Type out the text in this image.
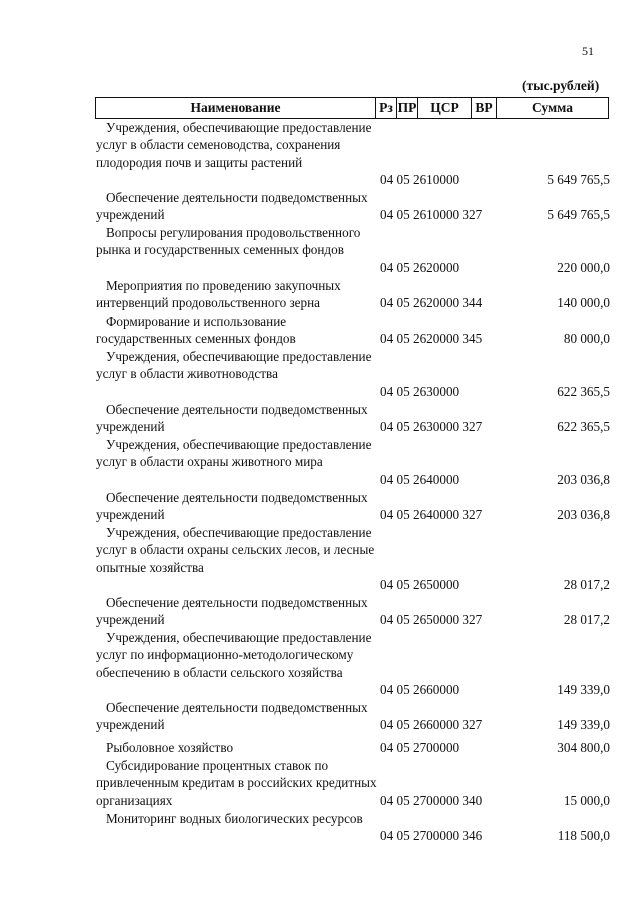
51
(тыс.рублей)
Наименование	Рз ПР	ЦСР	ВР	Сумма
Учреждения, обеспечивающие предоставление услуг в области семеноводства, сохранения плодородия почв и защиты растений
04 05 2610000	5 649 765,5
Обеспечение деятельности подведомственных учреждений	04 05 2610000 327	5 649 765,5
Вопросы регулирования продовольственного рынка и государственных семенных фондов
04 05 2620000	220 000,0
Мероприятия по проведению закупочных интервенций продовольственного зерна	04 05 2620000 344	140 000,0
Формирование и использование государственных семенных фондов	04 05 2620000 345	80 000,0
Учреждения, обеспечивающие предоставление услуг в области животноводства
04 05 2630000	622 365,5
Обеспечение деятельности подведомственных учреждений	04 05 2630000 327	622 365,5
Учреждения, обеспечивающие предоставление услуг в области охраны животного мира
04 05 2640000	203 036,8
Обеспечение деятельности подведомственных учреждений	04 05 2640000 327	203 036,8
Учреждения, обеспечивающие предоставление услуг в области охраны сельских лесов, и лесные опытные хозяйства
04 05 2650000	28 017,2
Обеспечение деятельности подведомственных учреждений	04 05 2650000 327	28 017,2
Учреждения, обеспечивающие предоставление услуг по информационно-методологическому обеспечению в области сельского хозяйства
04 05 2660000	149 339,0
Обеспечение деятельности подведомственных учреждений	04 05 2660000 327	149 339,0
Рыболовное хозяйство	04 05 2700000	304 800,0
Субсидирование процентных ставок по привлеченным кредитам в российских кредитных организациях	04 05 2700000 340	15 000,0
Мониторинг водных биологических ресурсов
04 05 2700000 346	118 500,0
